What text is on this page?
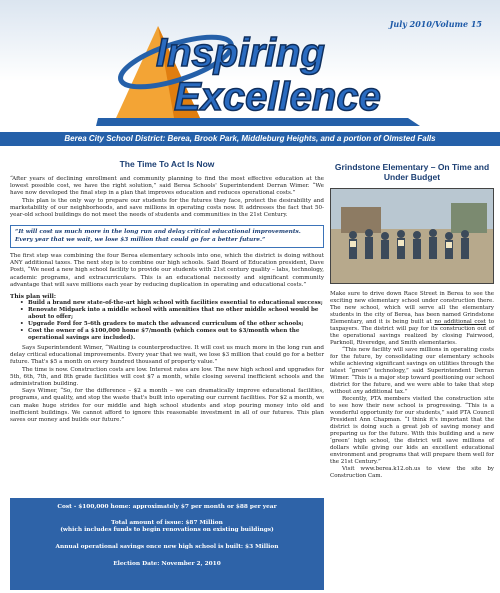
July 2010/Volume 15
Inspiring
Excellence
Berea City School District: Berea, Brook Park, Middleburg Heights, and a portion of Olmsted Falls
The Time To Act Is Now

“After years of declining enrollment and community planning to find the most effective education at the lowest possible cost, we have the right solution,” said Berea Schools' Superintendent Derran Wimer. “We have now developed the final step in a plan that improves education and reduces operational costs.”

This plan is the only way to prepare our students for the futures they face, protect the desirability and marketability of our neighborhoods, and save millions in operating costs now. It addresses the fact that 50-year-old school buildings do not meet the needs of students and communities in the 21st Century.

“It will cost us much more in the long run and delay critical educational improvements. Every year that we wait, we lose $3 million that could go for a better future.”

The first step was combining the four Berea elementary schools into one, which the district is doing without ANY additional taxes. The next step is to combine our high schools. Said Board of Education president, Dave Posti, “We need a new high school facility to provide our students with 21st century quality – labs, technology, academic programs, and extracurriculars. This is an educational necessity and significant community advantage that will save millions each year by reducing duplication in operating and educational costs.”

This plan will:
• Build a brand new state-of-the-art high school with facilities essential to educational success;
• Renovate Midpark into a middle school with amenities that no other middle school would be about to offer;
• Upgrade Ford for 5-6th graders to match the advanced curriculum of the other schools;
• Cost the owner of a $100,000 home $7/month (which comes out to $3/month when the operational savings are included).

Says Superintendent Wimer, “Waiting is counterproductive. It will cost us much more in the long run and delay critical educational improvements. Every year that we wait, we lose $3 million that could go for a better future. That's $5 a month on every hundred thousand of property value.”

The time is now. Construction costs are low. Interest rates are low. The new high school and upgrades for 5th, 6th, 7th, and 8th grade facilities will cost $7 a month, while closing several inefficient schools and the administration building.

Says Wimer, “So, for the difference – $2 a month – we can dramatically improve educational facilities, programs, and quality, and stop the waste that's built into operating our current facilities. For $2 a month, we can make huge strides for our middle and high school students and stop pouring money into old and inefficient buildings. We cannot afford to ignore this reasonable investment in all of our futures. This plan saves our money and builds our future.”

Cost - $100,000 home: approximately $7 per month or $88 per year
Total amount of issue: $87 Million
(which includes funds to begin renovations on existing buildings)
Annual operational savings once new high school is built: $3 Million
Election Date: November 2, 2010
Grindstone Elementary – On Time and Under Budget

Make sure to drive down Race Street in Berea to see the exciting new elementary school under construction there. The new school, which will serve all the elementary students in the city of Berea, has been named Grindstone Elementary, and it is being built at no additional cost to taxpayers. The district will pay for its construction out of the operational savings realized by closing Fairwood, Parknoll, Riveredge, and Smith elementaries.

“This new facility will save millions in operating costs for the future, by consolidating our elementary schools while achieving significant savings on utilities through the latest “green” technology,” said Superintendent Derran Wimer. “This is a major step toward positioning our school district for the future, and we were able to take that step without any additional tax.”

Recently, PTA members visited the construction site to see how their new school is progressing. “This is a wonderful opportunity for our students,” said PTA Council President Ann Chapman. “I think it's important that the district is doing such a great job of saving money and preparing us for the future. With this building and a new ‘green’ high school, the district will save millions of dollars while giving our kids an excellent educational environment and programs that will prepare them well for the 21st Century.”

Visit www.berea.k12.oh.us to view the site by Construction Cam.
